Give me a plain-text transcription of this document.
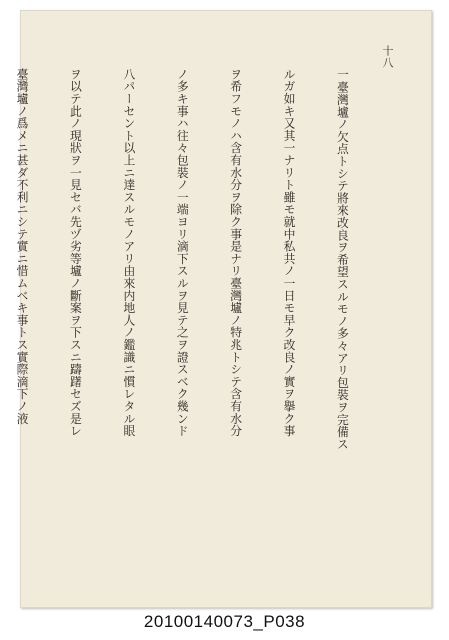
十八

一臺灣壚ノ欠点トシテ將來改良ヲ希望スルモノ多々アリ包裝ヲ完備ス

ルガ如キ又其一ナリト雖モ就中私共ノ一日モ早ク改良ノ實ヲ擧ク事

ヲ希フモノハ含有水分ヲ除ク事是ナリ臺灣壚ノ特兆トシテ含有水分

ノ多キ事ハ往々包裝ノ一端ヨリ滴下スルヲ見テ之ヲ證スベク幾ンド

八パーセント以上ニ達スルモノアリ由來内地人ノ鑑識ニ慣レタル眼

ヲ以テ此ノ現狀ヲ一見セバ先ヅ劣等壚ノ斷案ヲ下スニ躊躇セズ是レ

臺灣壚ノ爲メニ甚ダ不利ニシテ實ニ惜ムベキ事トス實際滴下ノ液

20100140073_P038
